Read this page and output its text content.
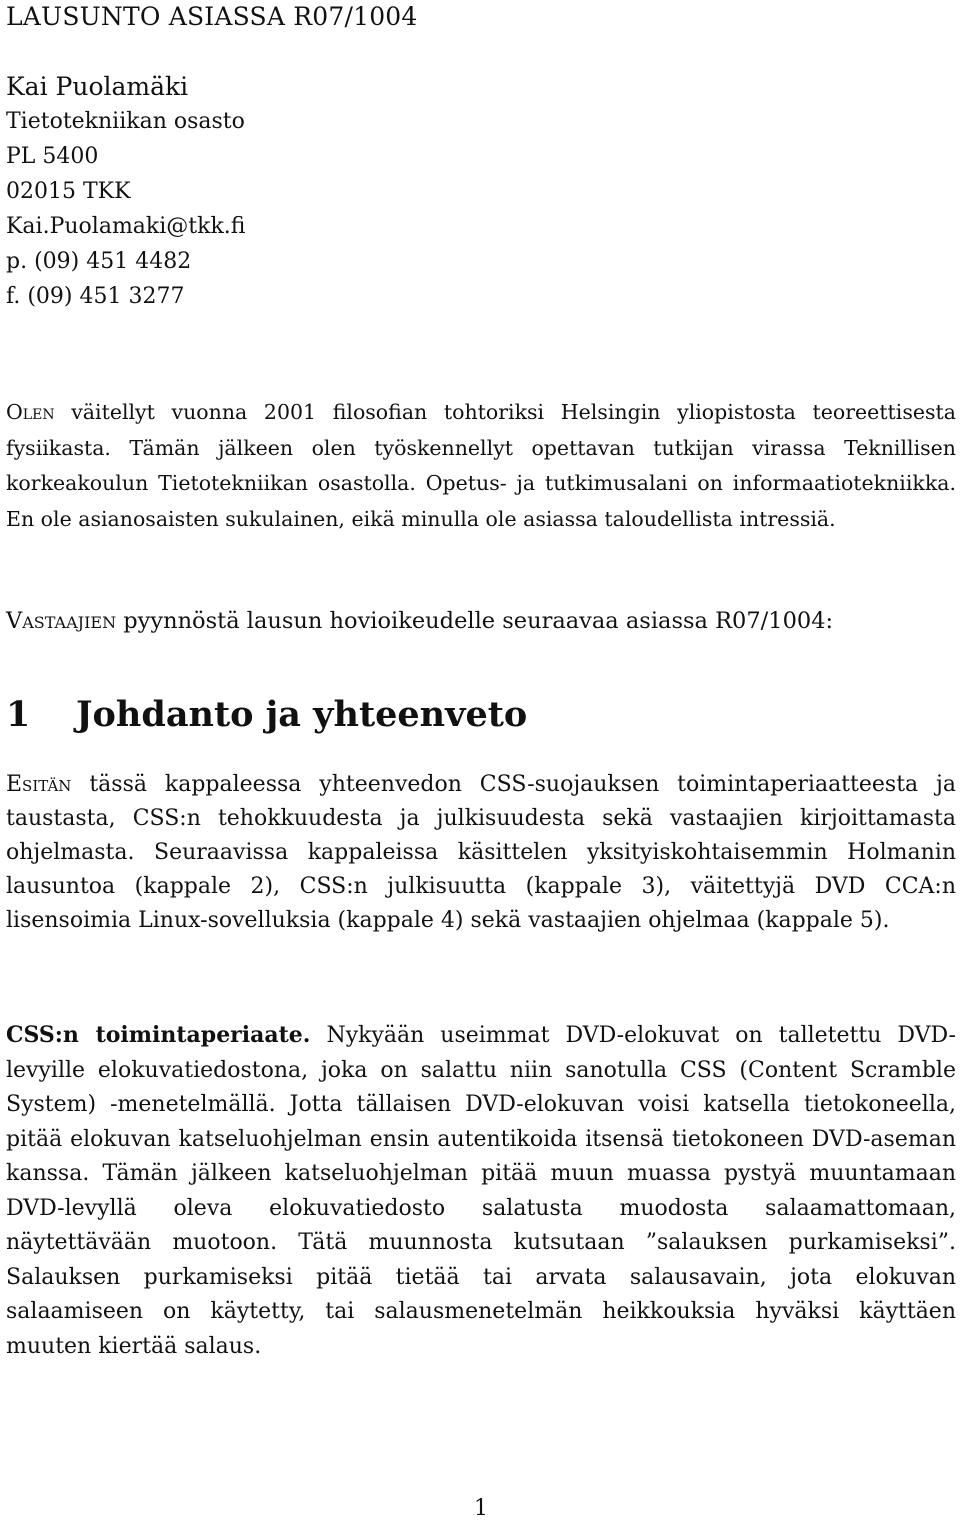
LAUSUNTO ASIASSA R07/1004
Kai Puolamäki
Tietotekniikan osasto
PL 5400
02015 TKK
Kai.Puolamaki@tkk.fi
p. (09) 451 4482
f. (09) 451 3277

Olen väitellyt vuonna 2001 filosofian tohtoriksi Helsingin yliopistosta teoreettisesta fysiikasta. Tämän jälkeen olen työskennellyt opettavan tutkijan virassa Teknillisen korkeakoulun Tietotekniikan osastolla. Opetus- ja tutkimusalani on informaatiotekniikka. En ole asianosaisten sukulainen, eikä minulla ole asiassa taloudellista intressiä.

Vastaajien pyynnöstä lausun hovioikeudelle seuraavaa asiassa R07/1004:

1 Johdanto ja yhteenveto

Esitän tässä kappaleessa yhteenvedon CSS-suojauksen toimintaperiaatteesta ja taustasta, CSS:n tehokkuudesta ja julkisuudesta sekä vastaajien kirjoittamasta ohjelmasta. Seuraavissa kappaleissa käsittelen yksityiskohtaisemmin Holmanin lausuntoa (kappale 2), CSS:n julkisuutta (kappale 3), väitettyjä DVD CCA:n lisensoimia Linux-sovelluksia (kappale 4) sekä vastaajien ohjelmaa (kappale 5).

CSS:n toimintaperiaate. Nykyään useimmat DVD-elokuvat on talletettu DVD-levyille elokuvatiedostona, joka on salattu niin sanotulla CSS (Content Scramble System) -menetelmällä. Jotta tällaisen DVD-elokuvan voisi katsella tietokoneella, pitää elokuvan katseluohjelman ensin autentikoida itsensä tietokoneen DVD-aseman kanssa. Tämän jälkeen katseluohjelman pitää muun muassa pystyä muuntamaan DVD-levyllä oleva elokuvatiedosto salatusta muodosta salaamattomaan, näytettävään muotoon. Tätä muunnosta kutsutaan ”salauksen purkamiseksi”. Salauksen purkamiseksi pitää tietää tai arvata salausavain, jota elokuvan salaamiseen on käytetty, tai salausmenetelmän heikkouksia hyväksi käyttäen muuten kiertää salaus.

1
